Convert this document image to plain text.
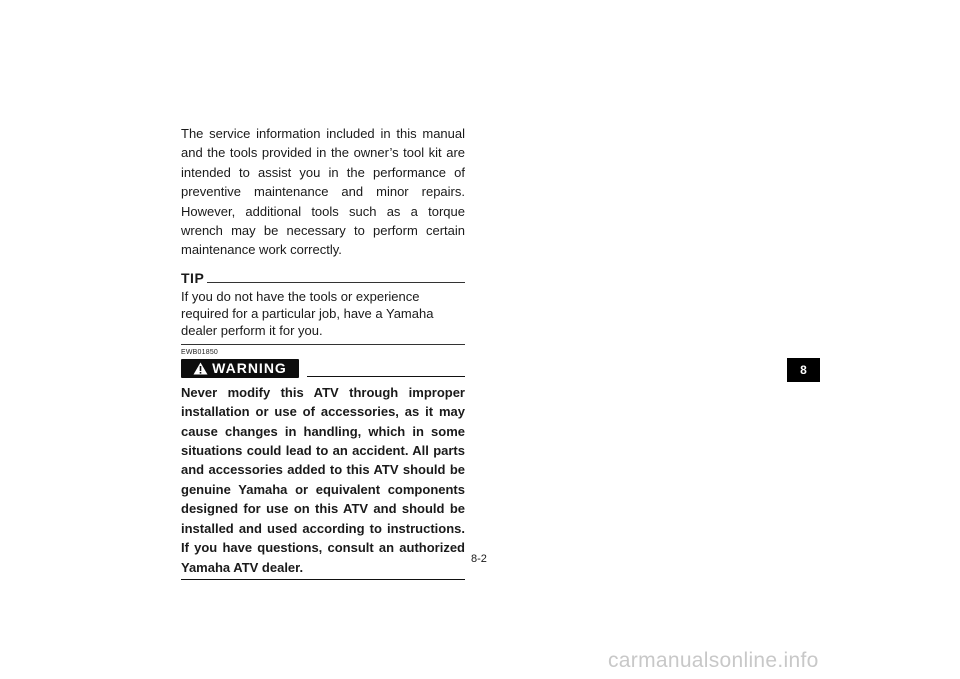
The service information included in this manual and the tools provided in the owner’s tool kit are intended to assist you in the performance of preventive maintenance and minor repairs. However, additional tools such as a torque wrench may be necessary to perform certain maintenance work correctly.

TIP

If you do not have the tools or experience required for a particular job, have a Yamaha dealer perform it for you.

EWB01850
WARNING

Never modify this ATV through improper installation or use of accessories, as it may cause changes in handling, which in some situations could lead to an accident. All parts and accessories added to this ATV should be genuine Yamaha or equivalent components designed for use on this ATV and should be installed and used according to instructions. If you have questions, consult an authorized Yamaha ATV dealer.

8-2
8
carmanualsonline.info
